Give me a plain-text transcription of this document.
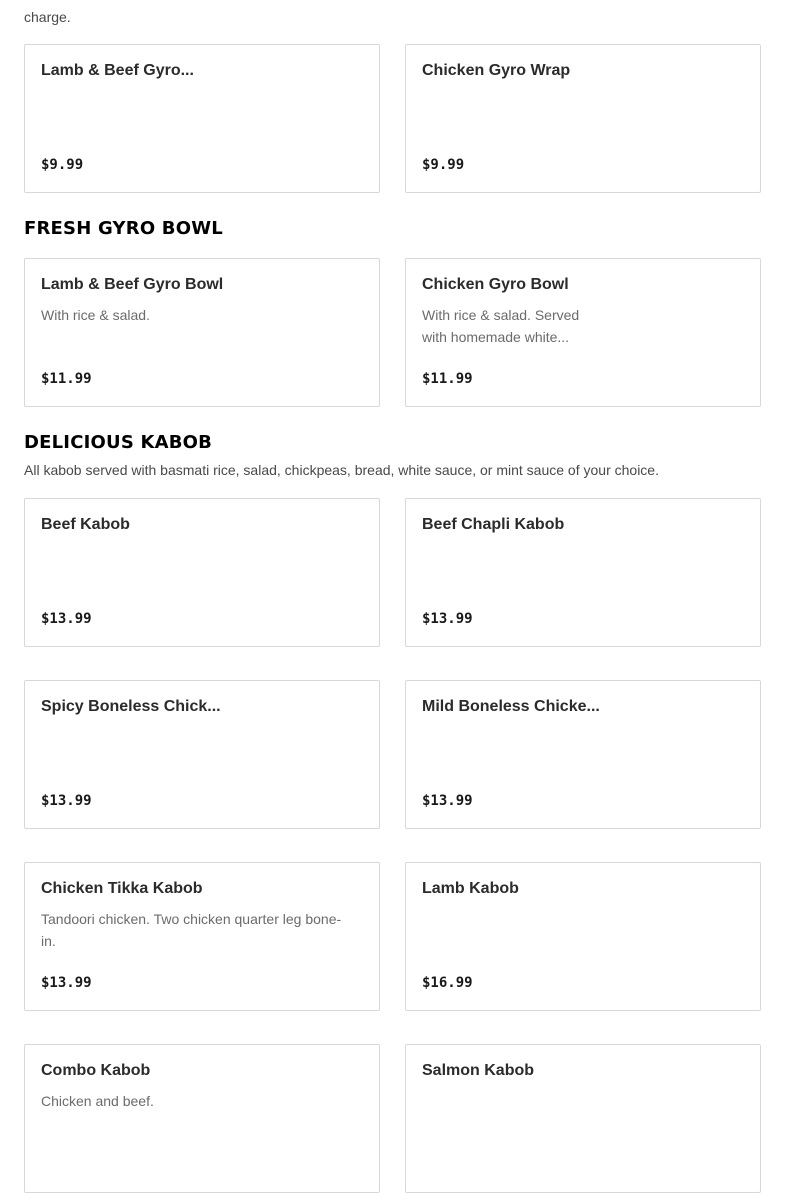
charge.

Lamb & Beef Gyro...
$9.99
Chicken Gyro Wrap
$9.99
FRESH GYRO BOWL
Lamb & Beef Gyro Bowl
With rice & salad.
$11.99
Chicken Gyro Bowl
With rice & salad. Served with homemade white...
$11.99
DELICIOUS KABOB

All kabob served with basmati rice, salad, chickpeas, bread, white sauce, or mint sauce of your choice.

Beef Kabob
$13.99
Beef Chapli Kabob
$13.99
Spicy Boneless Chick...
$13.99
Mild Boneless Chicke...
$13.99
Chicken Tikka Kabob
Tandoori chicken. Two chicken quarter leg bone-in.
$13.99
Lamb Kabob
$16.99
Combo Kabob
Chicken and beef.
Salmon Kabob
